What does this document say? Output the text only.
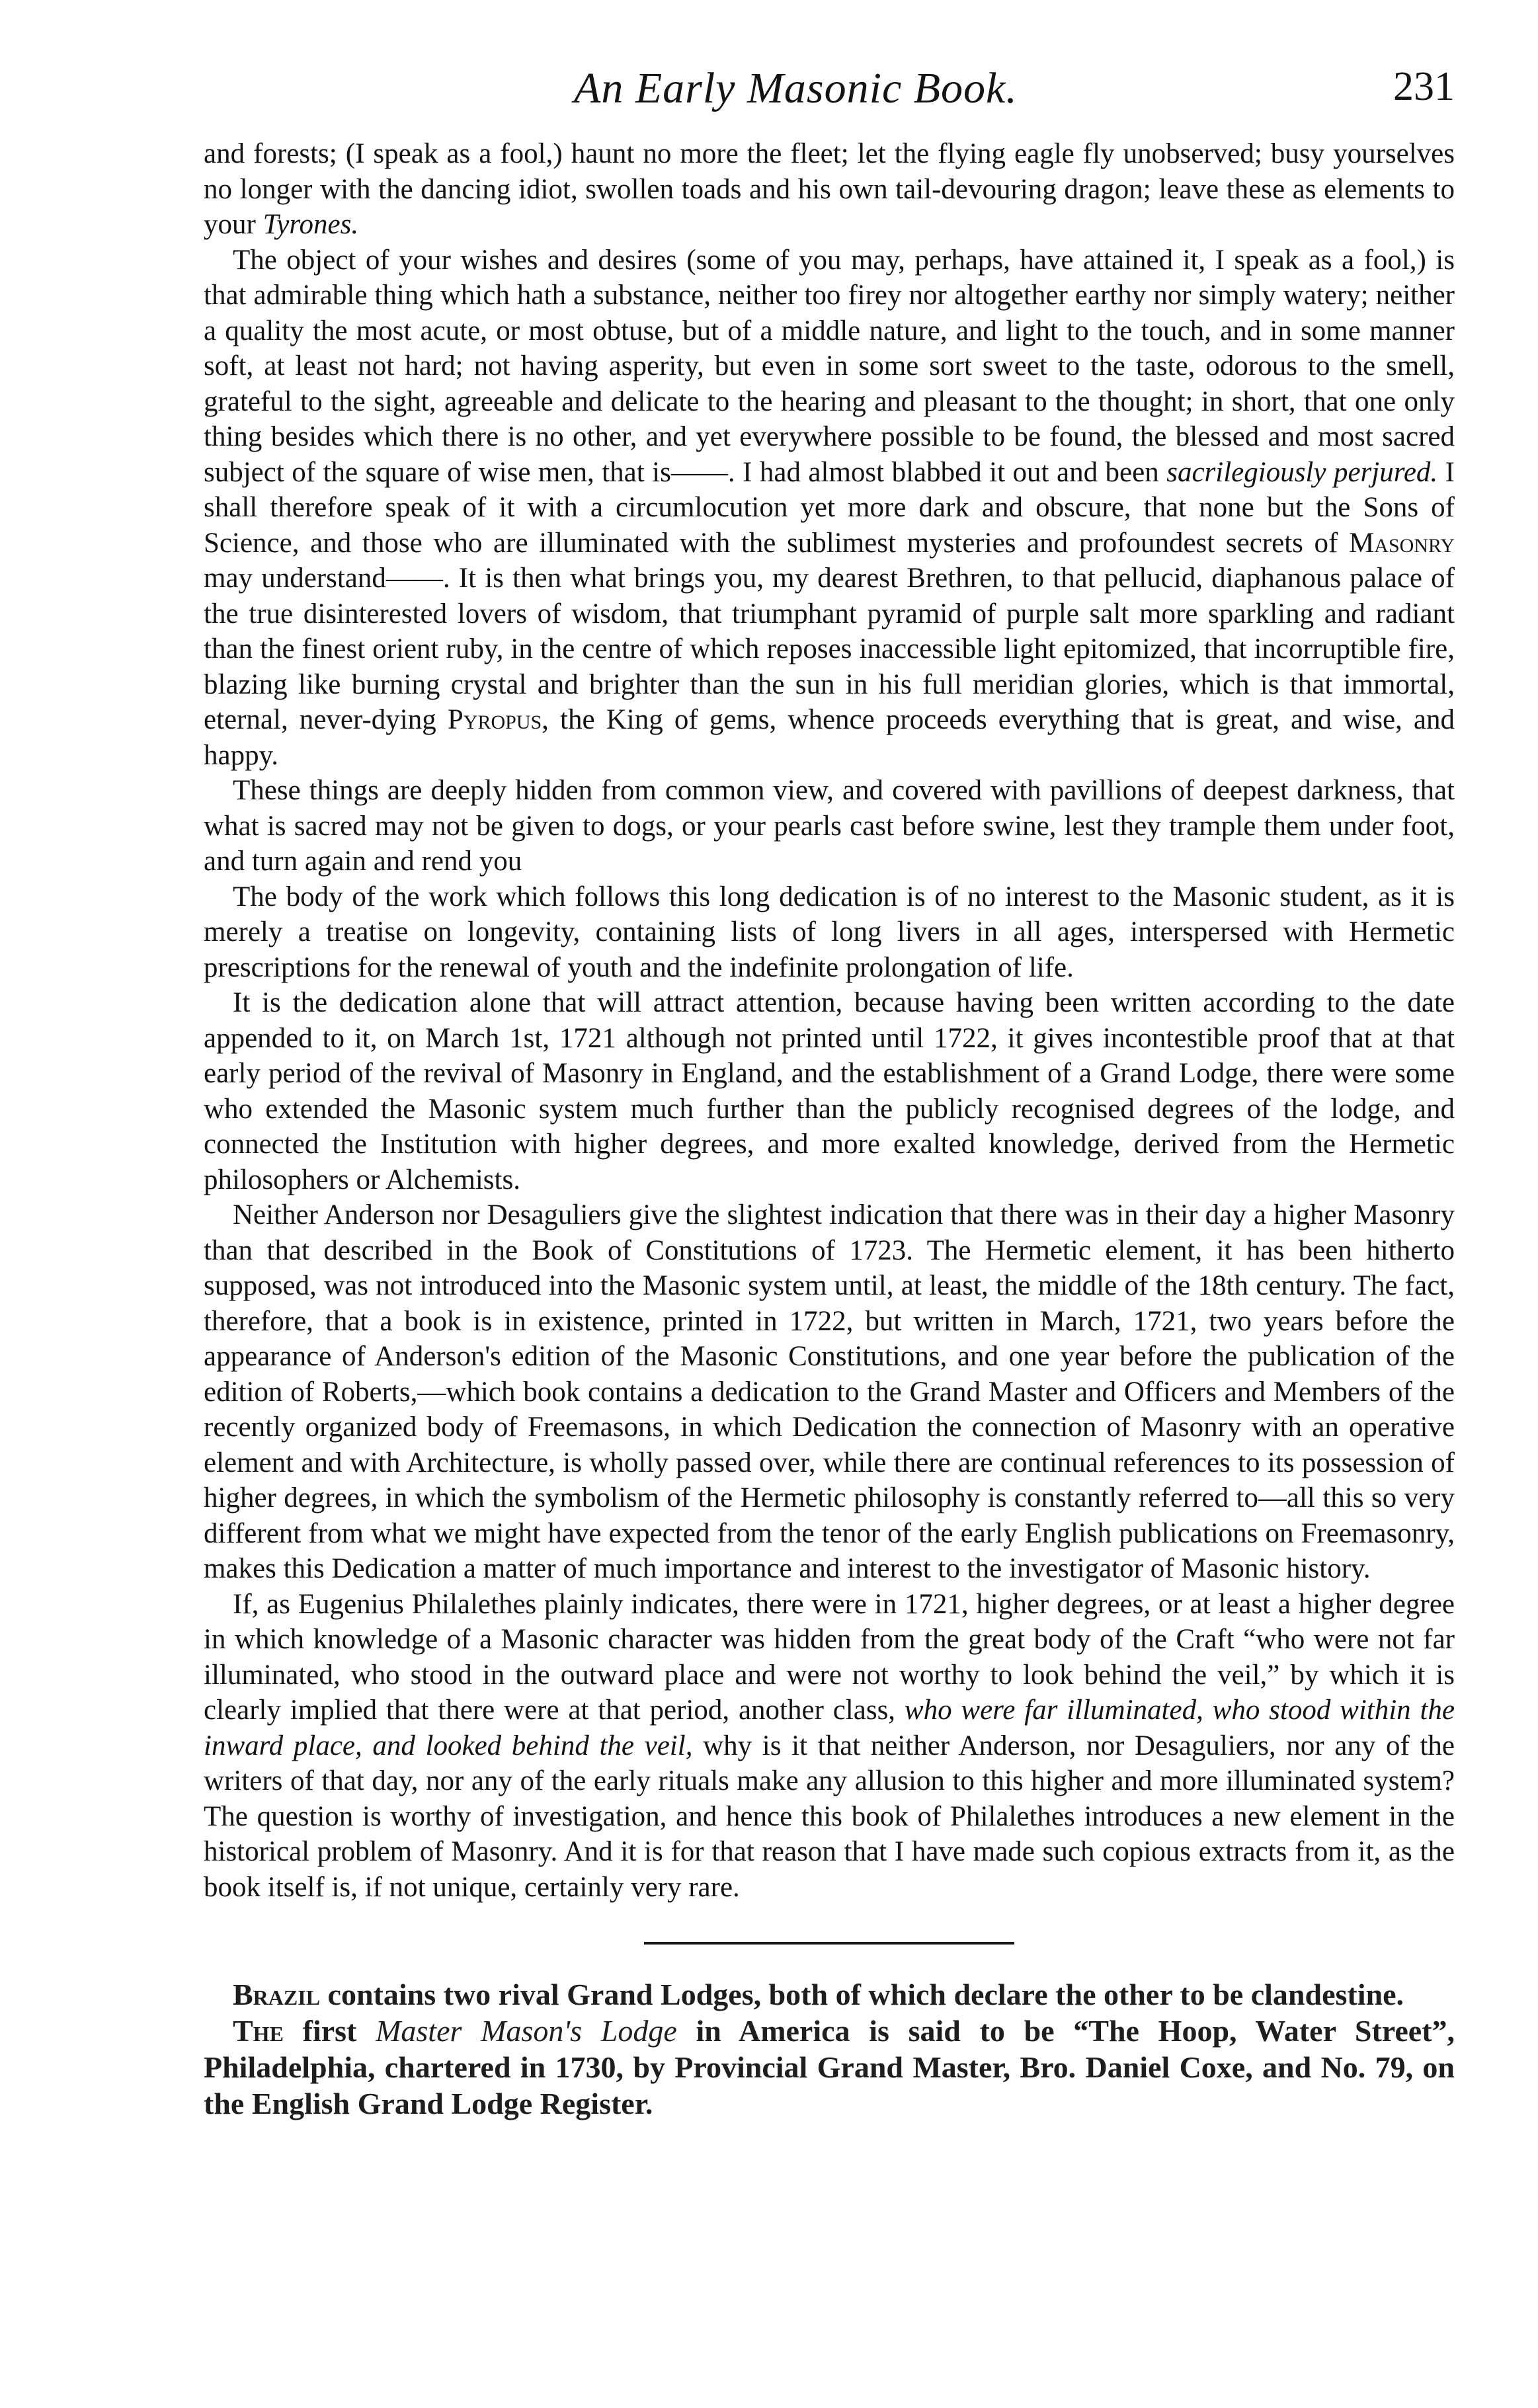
An Early Masonic Book.	231

and forests; (I speak as a fool,) haunt no more the fleet; let the flying eagle fly unobserved; busy yourselves no longer with the dancing idiot, swollen toads and his own tail-devouring dragon; leave these as elements to your Tyrones.

The object of your wishes and desires (some of you may, perhaps, have attained it, I speak as a fool,) is that admirable thing which hath a substance, neither too firey nor altogether earthy nor simply watery; neither a quality the most acute, or most obtuse, but of a middle nature, and light to the touch, and in some manner soft, at least not hard; not having asperity, but even in some sort sweet to the taste, odorous to the smell, grateful to the sight, agreeable and delicate to the hearing and pleasant to the thought; in short, that one only thing besides which there is no other, and yet everywhere possible to be found, the blessed and most sacred subject of the square of wise men, that is——. I had almost blabbed it out and been sacrilegiously perjured. I shall therefore speak of it with a circumlocution yet more dark and obscure, that none but the Sons of Science, and those who are illuminated with the sublimest mysteries and profoundest secrets of Masonry may understand——. It is then what brings you, my dearest Brethren, to that pellucid, diaphanous palace of the true disinterested lovers of wisdom, that triumphant pyramid of purple salt more sparkling and radiant than the finest orient ruby, in the centre of which reposes inaccessible light epitomized, that incorruptible fire, blazing like burning crystal and brighter than the sun in his full meridian glories, which is that immortal, eternal, never-dying Pyropus, the King of gems, whence proceeds everything that is great, and wise, and happy.

These things are deeply hidden from common view, and covered with pavillions of deepest darkness, that what is sacred may not be given to dogs, or your pearls cast before swine, lest they trample them under foot, and turn again and rend you

The body of the work which follows this long dedication is of no interest to the Masonic student, as it is merely a treatise on longevity, containing lists of long livers in all ages, interspersed with Hermetic prescriptions for the renewal of youth and the indefinite prolongation of life.

It is the dedication alone that will attract attention, because having been written according to the date appended to it, on March 1st, 1721 although not printed until 1722, it gives incontestible proof that at that early period of the revival of Masonry in England, and the establishment of a Grand Lodge, there were some who extended the Masonic system much further than the publicly recognised degrees of the lodge, and connected the Institution with higher degrees, and more exalted knowledge, derived from the Hermetic philosophers or Alchemists.

Neither Anderson nor Desaguliers give the slightest indication that there was in their day a higher Masonry than that described in the Book of Constitutions of 1723. The Hermetic element, it has been hitherto supposed, was not introduced into the Masonic system until, at least, the middle of the 18th century. The fact, therefore, that a book is in existence, printed in 1722, but written in March, 1721, two years before the appearance of Anderson's edition of the Masonic Constitutions, and one year before the publication of the edition of Roberts,—which book contains a dedication to the Grand Master and Officers and Members of the recently organized body of Freemasons, in which Dedication the connection of Masonry with an operative element and with Architecture, is wholly passed over, while there are continual references to its possession of higher degrees, in which the symbolism of the Hermetic philosophy is constantly referred to—all this so very different from what we might have expected from the tenor of the early English publications on Freemasonry, makes this Dedication a matter of much importance and interest to the investigator of Masonic history.

If, as Eugenius Philalethes plainly indicates, there were in 1721, higher degrees, or at least a higher degree in which knowledge of a Masonic character was hidden from the great body of the Craft “who were not far illuminated, who stood in the outward place and were not worthy to look behind the veil,” by which it is clearly implied that there were at that period, another class, who were far illuminated, who stood within the inward place, and looked behind the veil, why is it that neither Anderson, nor Desaguliers, nor any of the writers of that day, nor any of the early rituals make any allusion to this higher and more illuminated system? The question is worthy of investigation, and hence this book of Philalethes introduces a new element in the historical problem of Masonry. And it is for that reason that I have made such copious extracts from it, as the book itself is, if not unique, certainly very rare.

Brazil contains two rival Grand Lodges, both of which declare the other to be clandestine.

The first Master Mason's Lodge in America is said to be “The Hoop, Water Street”, Philadelphia, chartered in 1730, by Provincial Grand Master, Bro. Daniel Coxe, and No. 79, on the English Grand Lodge Register.
